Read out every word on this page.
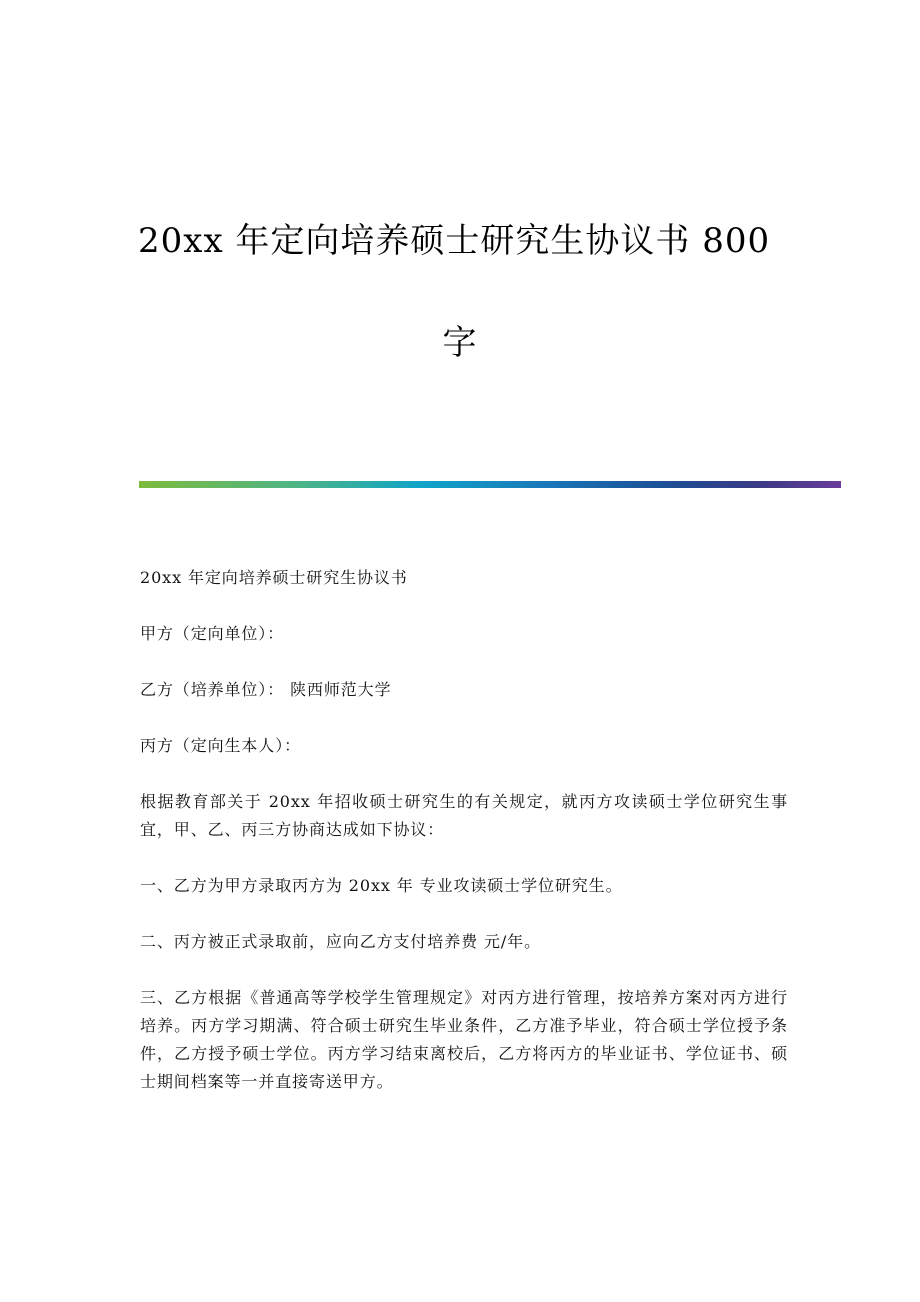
20xx 年定向培养硕士研究生协议书 800
字

20xx 年定向培养硕士研究生协议书

甲方（定向单位）：

乙方（培养单位）： 陕西师范大学

丙方（定向生本人）：

根据教育部关于 20xx 年招收硕士研究生的有关规定，就丙方攻读硕士学位研究生事宜，甲、乙、丙三方协商达成如下协议：

一、乙方为甲方录取丙方为 20xx 年 专业攻读硕士学位研究生。

二、丙方被正式录取前，应向乙方支付培养费 元/年。

三、乙方根据《普通高等学校学生管理规定》对丙方进行管理，按培养方案对丙方进行培养。丙方学习期满、符合硕士研究生毕业条件，乙方准予毕业，符合硕士学位授予条件，乙方授予硕士学位。丙方学习结束离校后，乙方将丙方的毕业证书、学位证书、硕士期间档案等一并直接寄送甲方。
